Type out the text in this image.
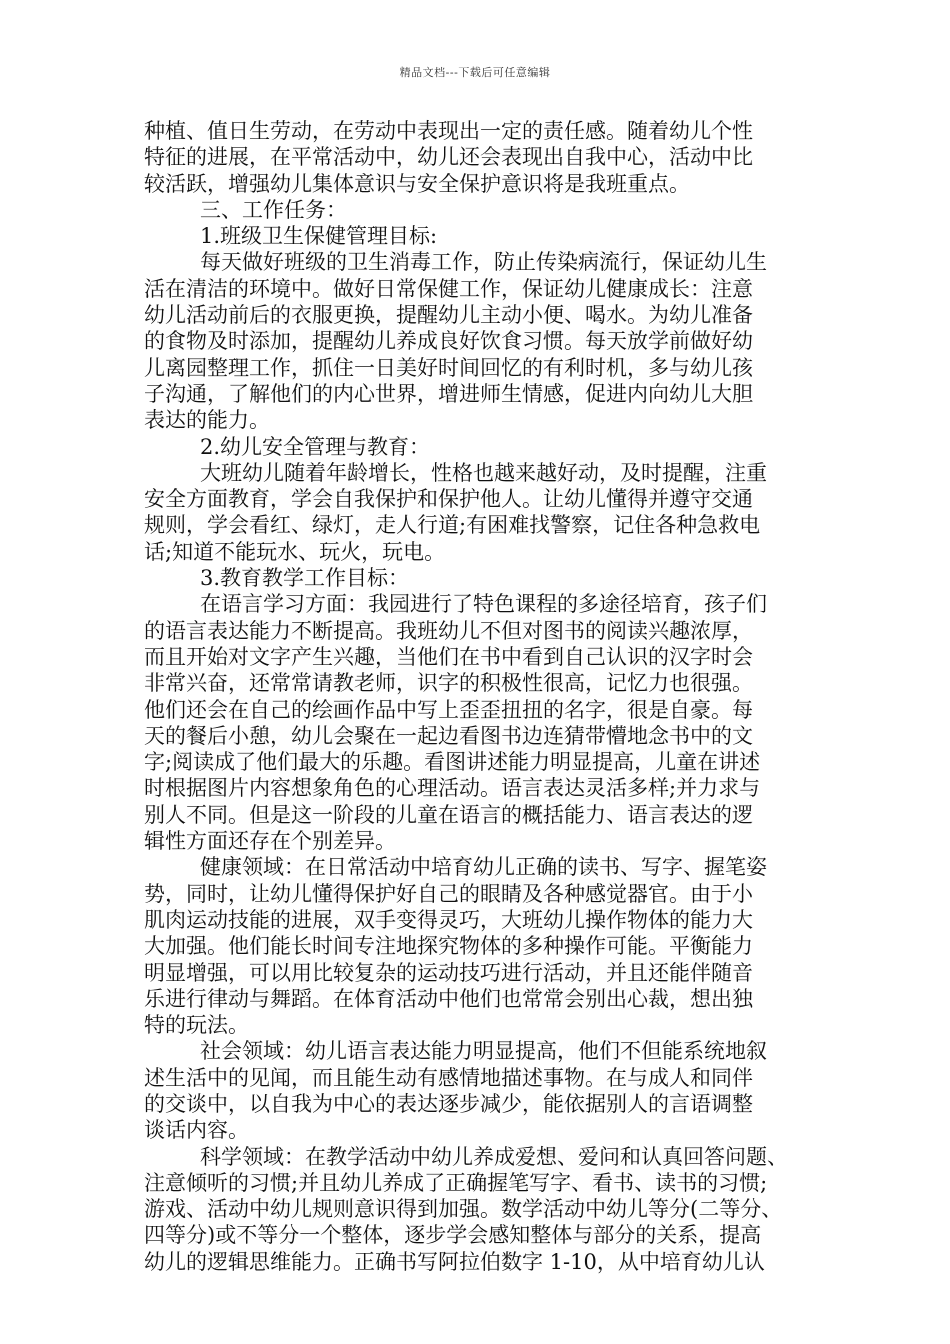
精品文档---下载后可任意编辑
种植、值日生劳动，在劳动中表现出一定的责任感。随着幼儿个性
特征的进展，在平常活动中，幼儿还会表现出自我中心，活动中比
较活跃，增强幼儿集体意识与安全保护意识将是我班重点。
三、工作任务：
1.班级卫生保健管理目标:
每天做好班级的卫生消毒工作，防止传染病流行，保证幼儿生
活在清洁的环境中。做好日常保健工作，保证幼儿健康成长：注意
幼儿活动前后的衣服更换，提醒幼儿主动小便、喝水。为幼儿准备
的食物及时添加，提醒幼儿养成良好饮食习惯。每天放学前做好幼
儿离园整理工作，抓住一日美好时间回忆的有利时机，多与幼儿孩
子沟通，了解他们的内心世界，增进师生情感，促进内向幼儿大胆
表达的能力。
2.幼儿安全管理与教育：
大班幼儿随着年龄增长，性格也越来越好动，及时提醒，注重
安全方面教育，学会自我保护和保护他人。让幼儿懂得并遵守交通
规则，学会看红、绿灯，走人行道;有困难找警察，记住各种急救电
话;知道不能玩水、玩火，玩电。
3.教育教学工作目标：
在语言学习方面：我园进行了特色课程的多途径培育，孩子们
的语言表达能力不断提高。我班幼儿不但对图书的阅读兴趣浓厚，
而且开始对文字产生兴趣，当他们在书中看到自己认识的汉字时会
非常兴奋，还常常请教老师，识字的积极性很高，记忆力也很强。
他们还会在自己的绘画作品中写上歪歪扭扭的名字，很是自豪。每
天的餐后小憩，幼儿会聚在一起边看图书边连猜带懵地念书中的文
字;阅读成了他们最大的乐趣。看图讲述能力明显提高，儿童在讲述
时根据图片内容想象角色的心理活动。语言表达灵活多样;并力求与
别人不同。但是这一阶段的儿童在语言的概括能力、语言表达的逻
辑性方面还存在个别差异。
健康领域：在日常活动中培育幼儿正确的读书、写字、握笔姿
势，同时，让幼儿懂得保护好自己的眼睛及各种感觉器官。由于小
肌肉运动技能的进展，双手变得灵巧，大班幼儿操作物体的能力大
大加强。他们能长时间专注地探究物体的多种操作可能。平衡能力
明显增强，可以用比较复杂的运动技巧进行活动，并且还能伴随音
乐进行律动与舞蹈。在体育活动中他们也常常会别出心裁，想出独
特的玩法。
社会领域：幼儿语言表达能力明显提高，他们不但能系统地叙
述生活中的见闻，而且能生动有感情地描述事物。在与成人和同伴
的交谈中，以自我为中心的表达逐步减少，能依据别人的言语调整
谈话内容。
科学领域：在教学活动中幼儿养成爱想、爱问和认真回答问题、
注意倾听的习惯;并且幼儿养成了正确握笔写字、看书、读书的习惯;
游戏、活动中幼儿规则意识得到加强。数学活动中幼儿等分(二等分、
四等分)或不等分一个整体，逐步学会感知整体与部分的关系，提高
幼儿的逻辑思维能力。正确书写阿拉伯数字 1-10，从中培育幼儿认
